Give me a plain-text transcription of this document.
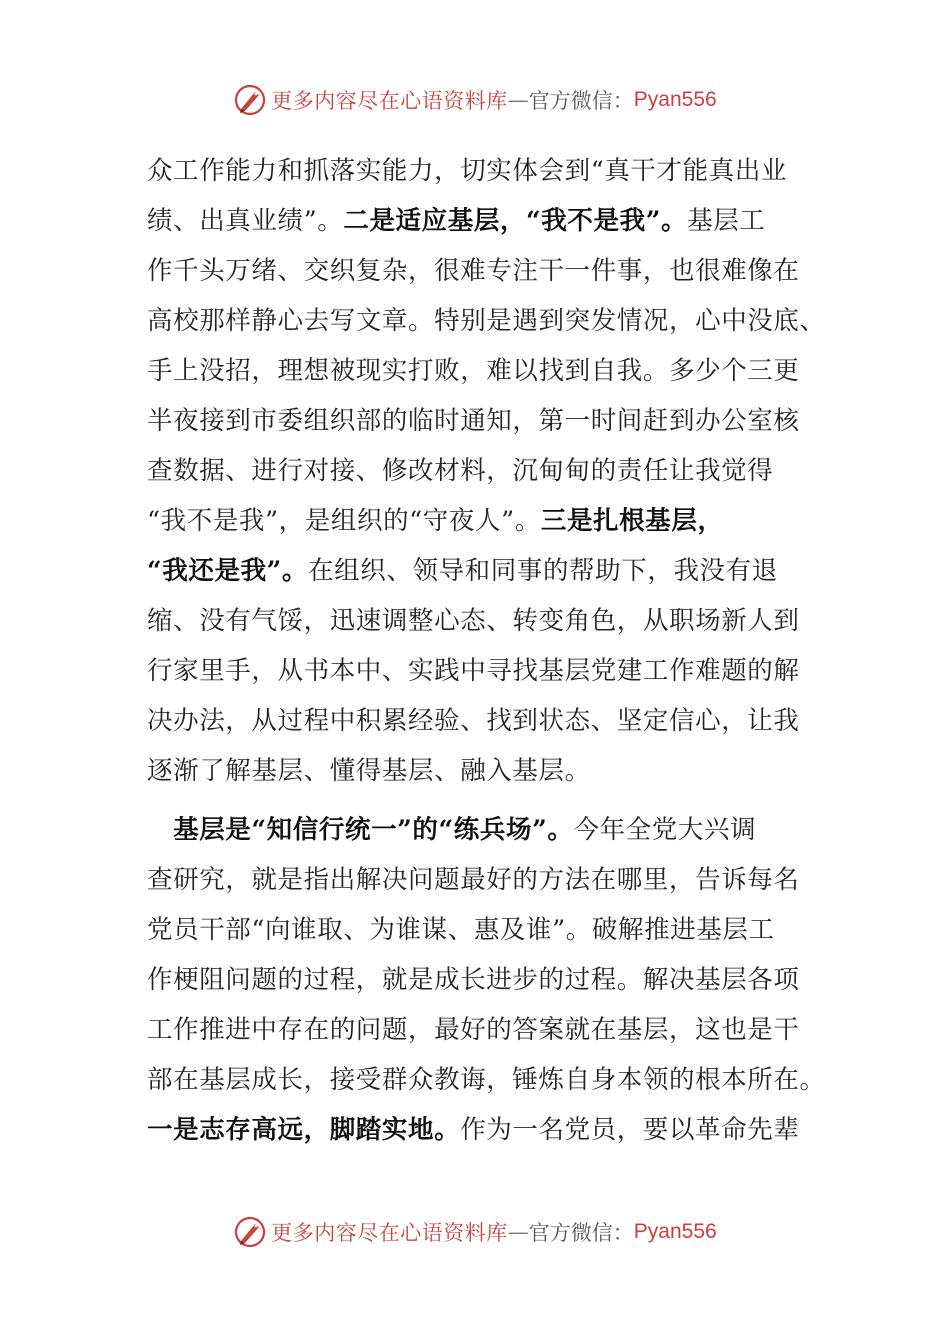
更多内容尽在心语资料库 — 官方微信： Pyan556
众工作能力和抓落实能力，切实体会到“真干才能真出业
绩、出真业绩”。二是适应基层，“我不是我”。基层工
作千头万绪、交织复杂，很难专注干一件事，也很难像在
高校那样静心去写文章。特别是遇到突发情况，心中没底、
手上没招，理想被现实打败，难以找到自我。多少个三更
半夜接到市委组织部的临时通知，第一时间赶到办公室核
查数据、进行对接、修改材料，沉甸甸的责任让我觉得
“我不是我”，是组织的“守夜人”。三是扎根基层，
“我还是我”。在组织、领导和同事的帮助下，我没有退
缩、没有气馁，迅速调整心态、转变角色，从职场新人到
行家里手，从书本中、实践中寻找基层党建工作难题的解
决办法，从过程中积累经验、找到状态、坚定信心，让我
逐渐了解基层、懂得基层、融入基层。
　基层是“知信行统一”的“练兵场”。今年全党大兴调
查研究，就是指出解决问题最好的方法在哪里，告诉每名
党员干部“向谁取、为谁谋、惠及谁”。破解推进基层工
作梗阻问题的过程，就是成长进步的过程。解决基层各项
工作推进中存在的问题，最好的答案就在基层，这也是干
部在基层成长，接受群众教诲，锤炼自身本领的根本所在。
一是志存高远，脚踏实地。作为一名党员，要以革命先辈
更多内容尽在心语资料库 — 官方微信： Pyan556
